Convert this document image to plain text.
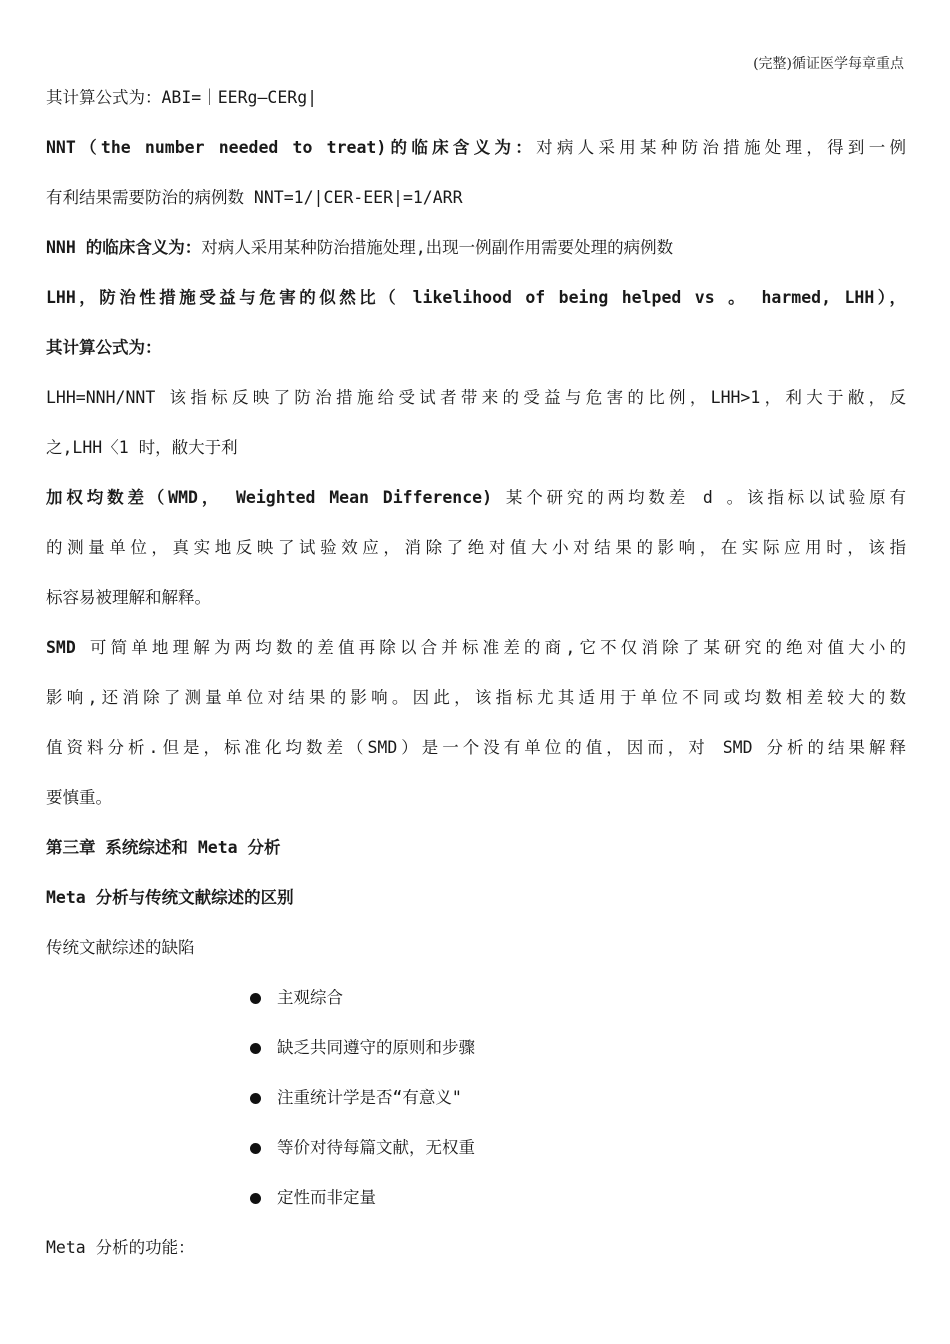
(完整)循证医学每章重点
其计算公式为：ABI=｜EERg—CERg|
NNT（the number needed to treat)的临床含义为：对病人采用某种防治措施处理，得到一例
有利结果需要防治的病例数 NNT=1/|CER-EER|=1/ARR
NNH 的临床含义为：对病人采用某种防治措施处理,出现一例副作用需要处理的病例数
LHH，防治性措施受益与危害的似然比（ likelihood of being helped vs 。 harmed, LHH），
其计算公式为：
LHH=NNH/NNT 该指标反映了防治措施给受试者带来的受益与危害的比例，LHH>1，利大于敝，反
之,LHH〈1 时，敝大于利
加权均数差（WMD， Weighted Mean Difference) 某个研究的两均数差 d 。该指标以试验原有
的测量单位，真实地反映了试验效应，消除了绝对值大小对结果的影响，在实际应用时，该指
标容易被理解和解释。
SMD 可简单地理解为两均数的差值再除以合并标准差的商,它不仅消除了某研究的绝对值大小的
影响,还消除了测量单位对结果的影响。因此，该指标尤其适用于单位不同或均数相差较大的数
值资料分析.但是，标准化均数差（SMD）是一个没有单位的值，因而，对 SMD 分析的结果解释
要慎重。
第三章 系统综述和 Meta 分析
Meta 分析与传统文献综述的区别
传统文献综述的缺陷
主观综合
缺乏共同遵守的原则和步骤
注重统计学是否“有意义"
等价对待每篇文献，无权重
定性而非定量
Meta 分析的功能：
